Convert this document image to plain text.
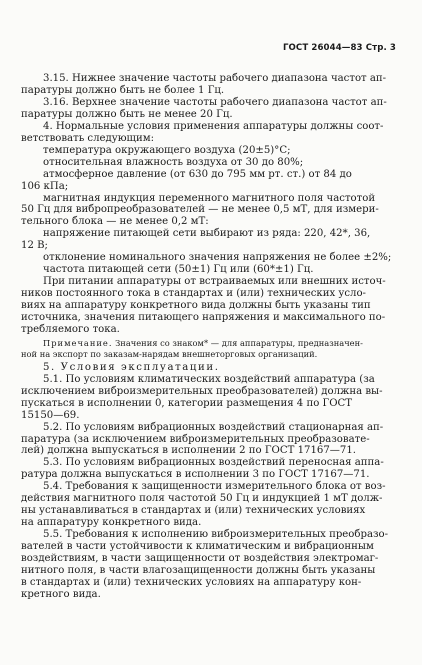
ГОСТ 26044—83 Стр. 3
3.15. Нижнее значение частоты рабочего диапазона частот ап-
паратуры должно быть не более 1 Гц.
3.16. Верхнее значение частоты рабочего диапазона частот ап-
паратуры должно быть не менее 20 Гц.
4. Нормальные условия применения аппаратуры должны соот-
ветствовать следующим:
температура окружающего воздуха (20±5)°С;
относительная влажность воздуха от 30 до 80%;
атмосферное давление (от 630 до 795 мм рт. ст.) от 84 до
106 кПа;
магнитная индукция переменного магнитного поля частотой
50 Гц для вибропреобразователей — не менее 0,5 мТ, для измери-
тельного блока — не менее 0,2 мТ:
напряжение питающей сети выбирают из ряда: 220, 42*, 36,
12 В;
отклонение номинального значения напряжения не более ±2%;
частота питающей сети (50±1) Гц или (60*±1) Гц.
При питании аппаратуры от встраиваемых или внешних источ-
ников постоянного тока в стандартах и (или) технических усло-
виях на аппаратуру конкретного вида должны быть указаны тип
источника, значения питающего напряжения и максимального по-
требляемого тока.
Примечание. Значения со знаком* — для аппаратуры, предназначен-
ной на экспорт по заказам-нарядам внешнеторговых организаций.
5. Условия эксплуатации.
5.1. По условиям климатических воздействий аппаратура (за
исключением виброизмерительных преобразователей) должна вы-
пускаться в исполнении 0, категории размещения 4 по ГОСТ
15150—69.
5.2. По условиям вибрационных воздействий стационарная ап-
паратура (за исключением виброизмерительных преобразовате-
лей) должна выпускаться в исполнении 2 по ГОСТ 17167—71.
5.3. По условиям вибрационных воздействий переносная аппа-
ратура должна выпускаться в исполнении 3 по ГОСТ 17167—71.
5.4. Требования к защищенности измерительного блока от воз-
действия магнитного поля частотой 50 Гц и индукцией 1 мТ долж-
ны устанавливаться в стандартах и (или) технических условиях
на аппаратуру конкретного вида.
5.5. Требования к исполнению виброизмерительных преобразо-
вателей в части устойчивости к климатическим и вибрационным
воздействиям, в части защищенности от воздействия электромаг-
нитного поля, в части влагозащищенности должны быть указаны
в стандартах и (или) технических условиях на аппаратуру кон-
кретного вида.
